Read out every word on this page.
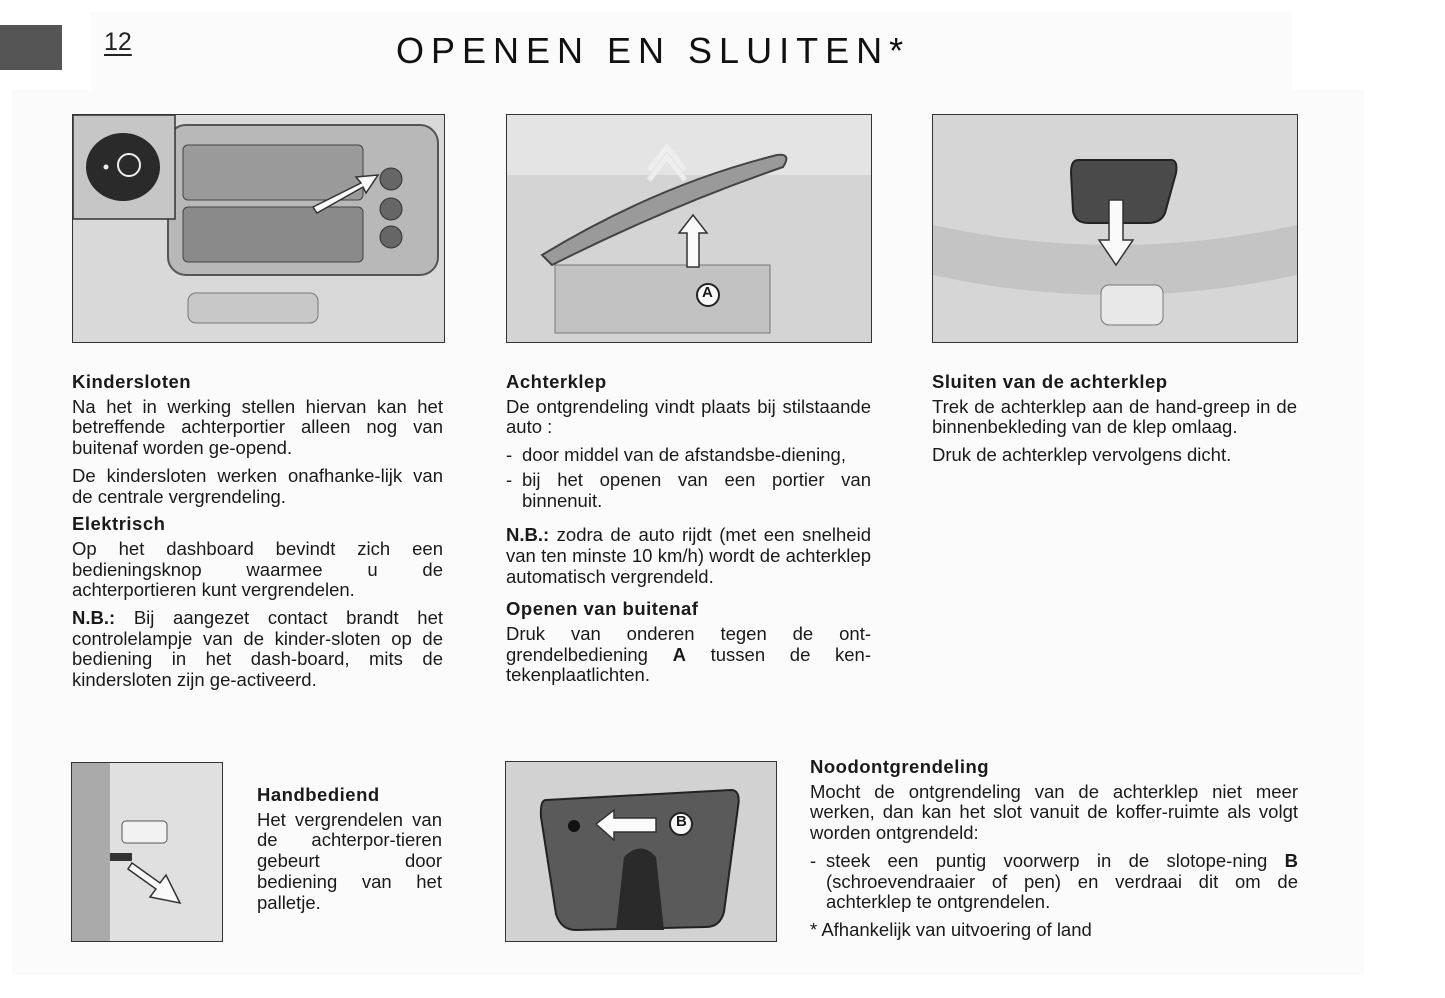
12	OPENEN EN SLUITEN*
A
B
Kindersloten

Na het in werking stellen hiervan kan het betreffende achterportier alleen nog van buitenaf worden ge-opend.

De kindersloten werken onafhanke-lijk van de centrale vergrendeling.

Elektrisch

Op het dashboard bevindt zich een bedieningsknop waarmee u de achterportieren kunt vergrendelen.

N.B.: Bij aangezet contact brandt het controlelampje van de kinder-sloten op de bediening in het dash-board, mits de kindersloten zijn ge-activeerd.

Handbediend

Het vergrendelen van de achterpor-tieren gebeurt door bediening van het palletje.

Achterklep

De ontgrendeling vindt plaats bij stilstaande auto :

- door middel van de afstandsbe-diening,
- bij het openen van een portier van binnenuit.

N.B.: zodra de auto rijdt (met een snelheid van ten minste 10 km/h) wordt de achterklep automatisch vergrendeld.

Openen van buitenaf

Druk van onderen tegen de ont-grendelbediening A tussen de ken-tekenplaatlichten.

Sluiten van de achterklep

Trek de achterklep aan de hand-greep in de binnenbekleding van de klep omlaag.

Druk de achterklep vervolgens dicht.

Noodontgrendeling

Mocht de ontgrendeling van de achterklep niet meer werken, dan kan het slot vanuit de koffer-ruimte als volgt worden ontgrendeld:

- steek een puntig voorwerp in de slotope-ning B (schroevendraaier of pen) en verdraai dit om de achterklep te ontgrendelen.

* Afhankelijk van uitvoering of land
